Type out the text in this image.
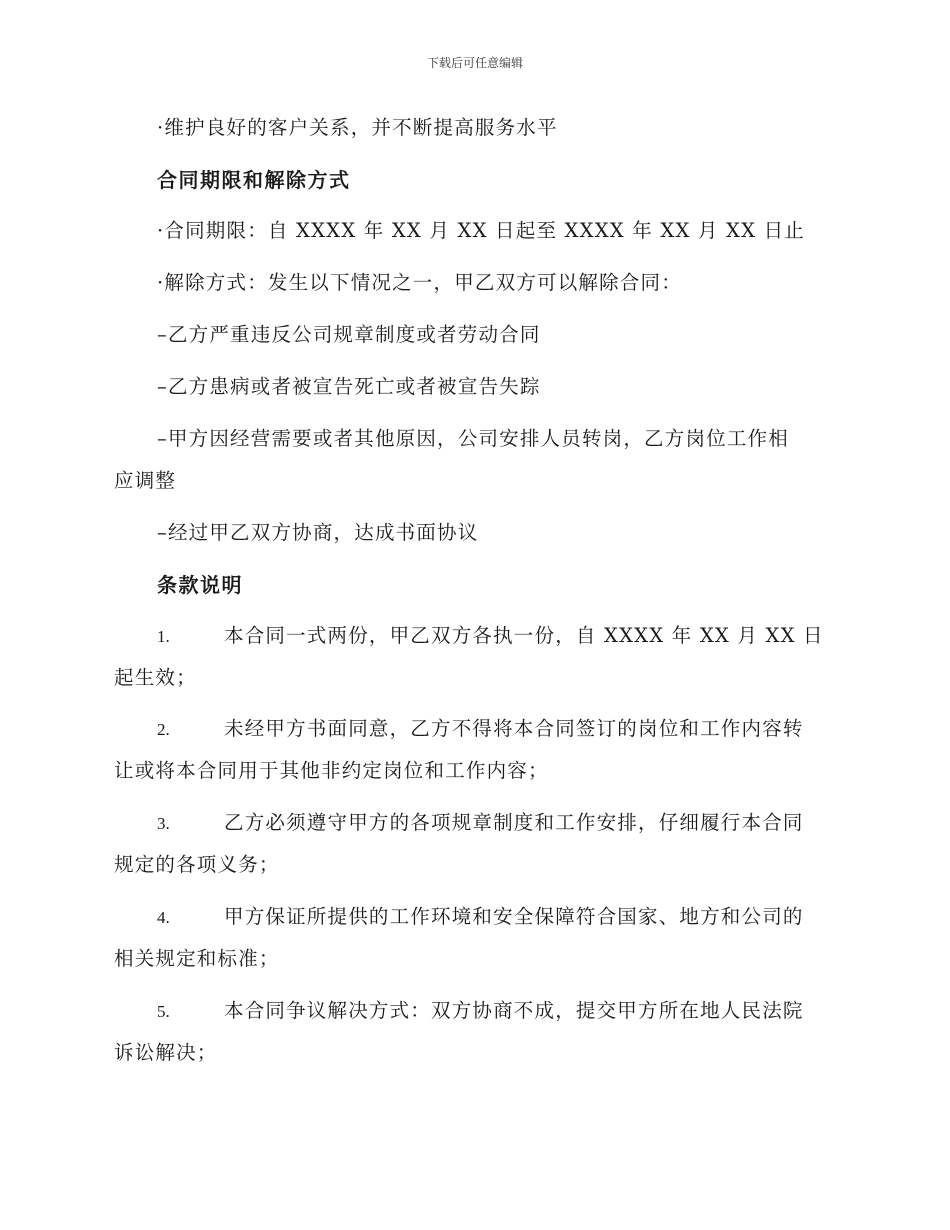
下载后可任意编辑
·维护良好的客户关系，并不断提高服务水平
合同期限和解除方式
·合同期限：自 XXXX 年 XX 月 XX 日起至 XXXX 年 XX 月 XX 日止
·解除方式：发生以下情况之一，甲乙双方可以解除合同：
–乙方严重违反公司规章制度或者劳动合同
–乙方患病或者被宣告死亡或者被宣告失踪
–甲方因经营需要或者其他原因，公司安排人员转岗，乙方岗位工作相
应调整
–经过甲乙双方协商，达成书面协议
条款说明
1.	本合同一式两份，甲乙双方各执一份，自 XXXX 年 XX 月 XX 日
起生效；
2.	未经甲方书面同意，乙方不得将本合同签订的岗位和工作内容转
让或将本合同用于其他非约定岗位和工作内容；
3.	乙方必须遵守甲方的各项规章制度和工作安排，仔细履行本合同
规定的各项义务；
4.	甲方保证所提供的工作环境和安全保障符合国家、地方和公司的
相关规定和标准；
5.	本合同争议解决方式：双方协商不成，提交甲方所在地人民法院
诉讼解决；
